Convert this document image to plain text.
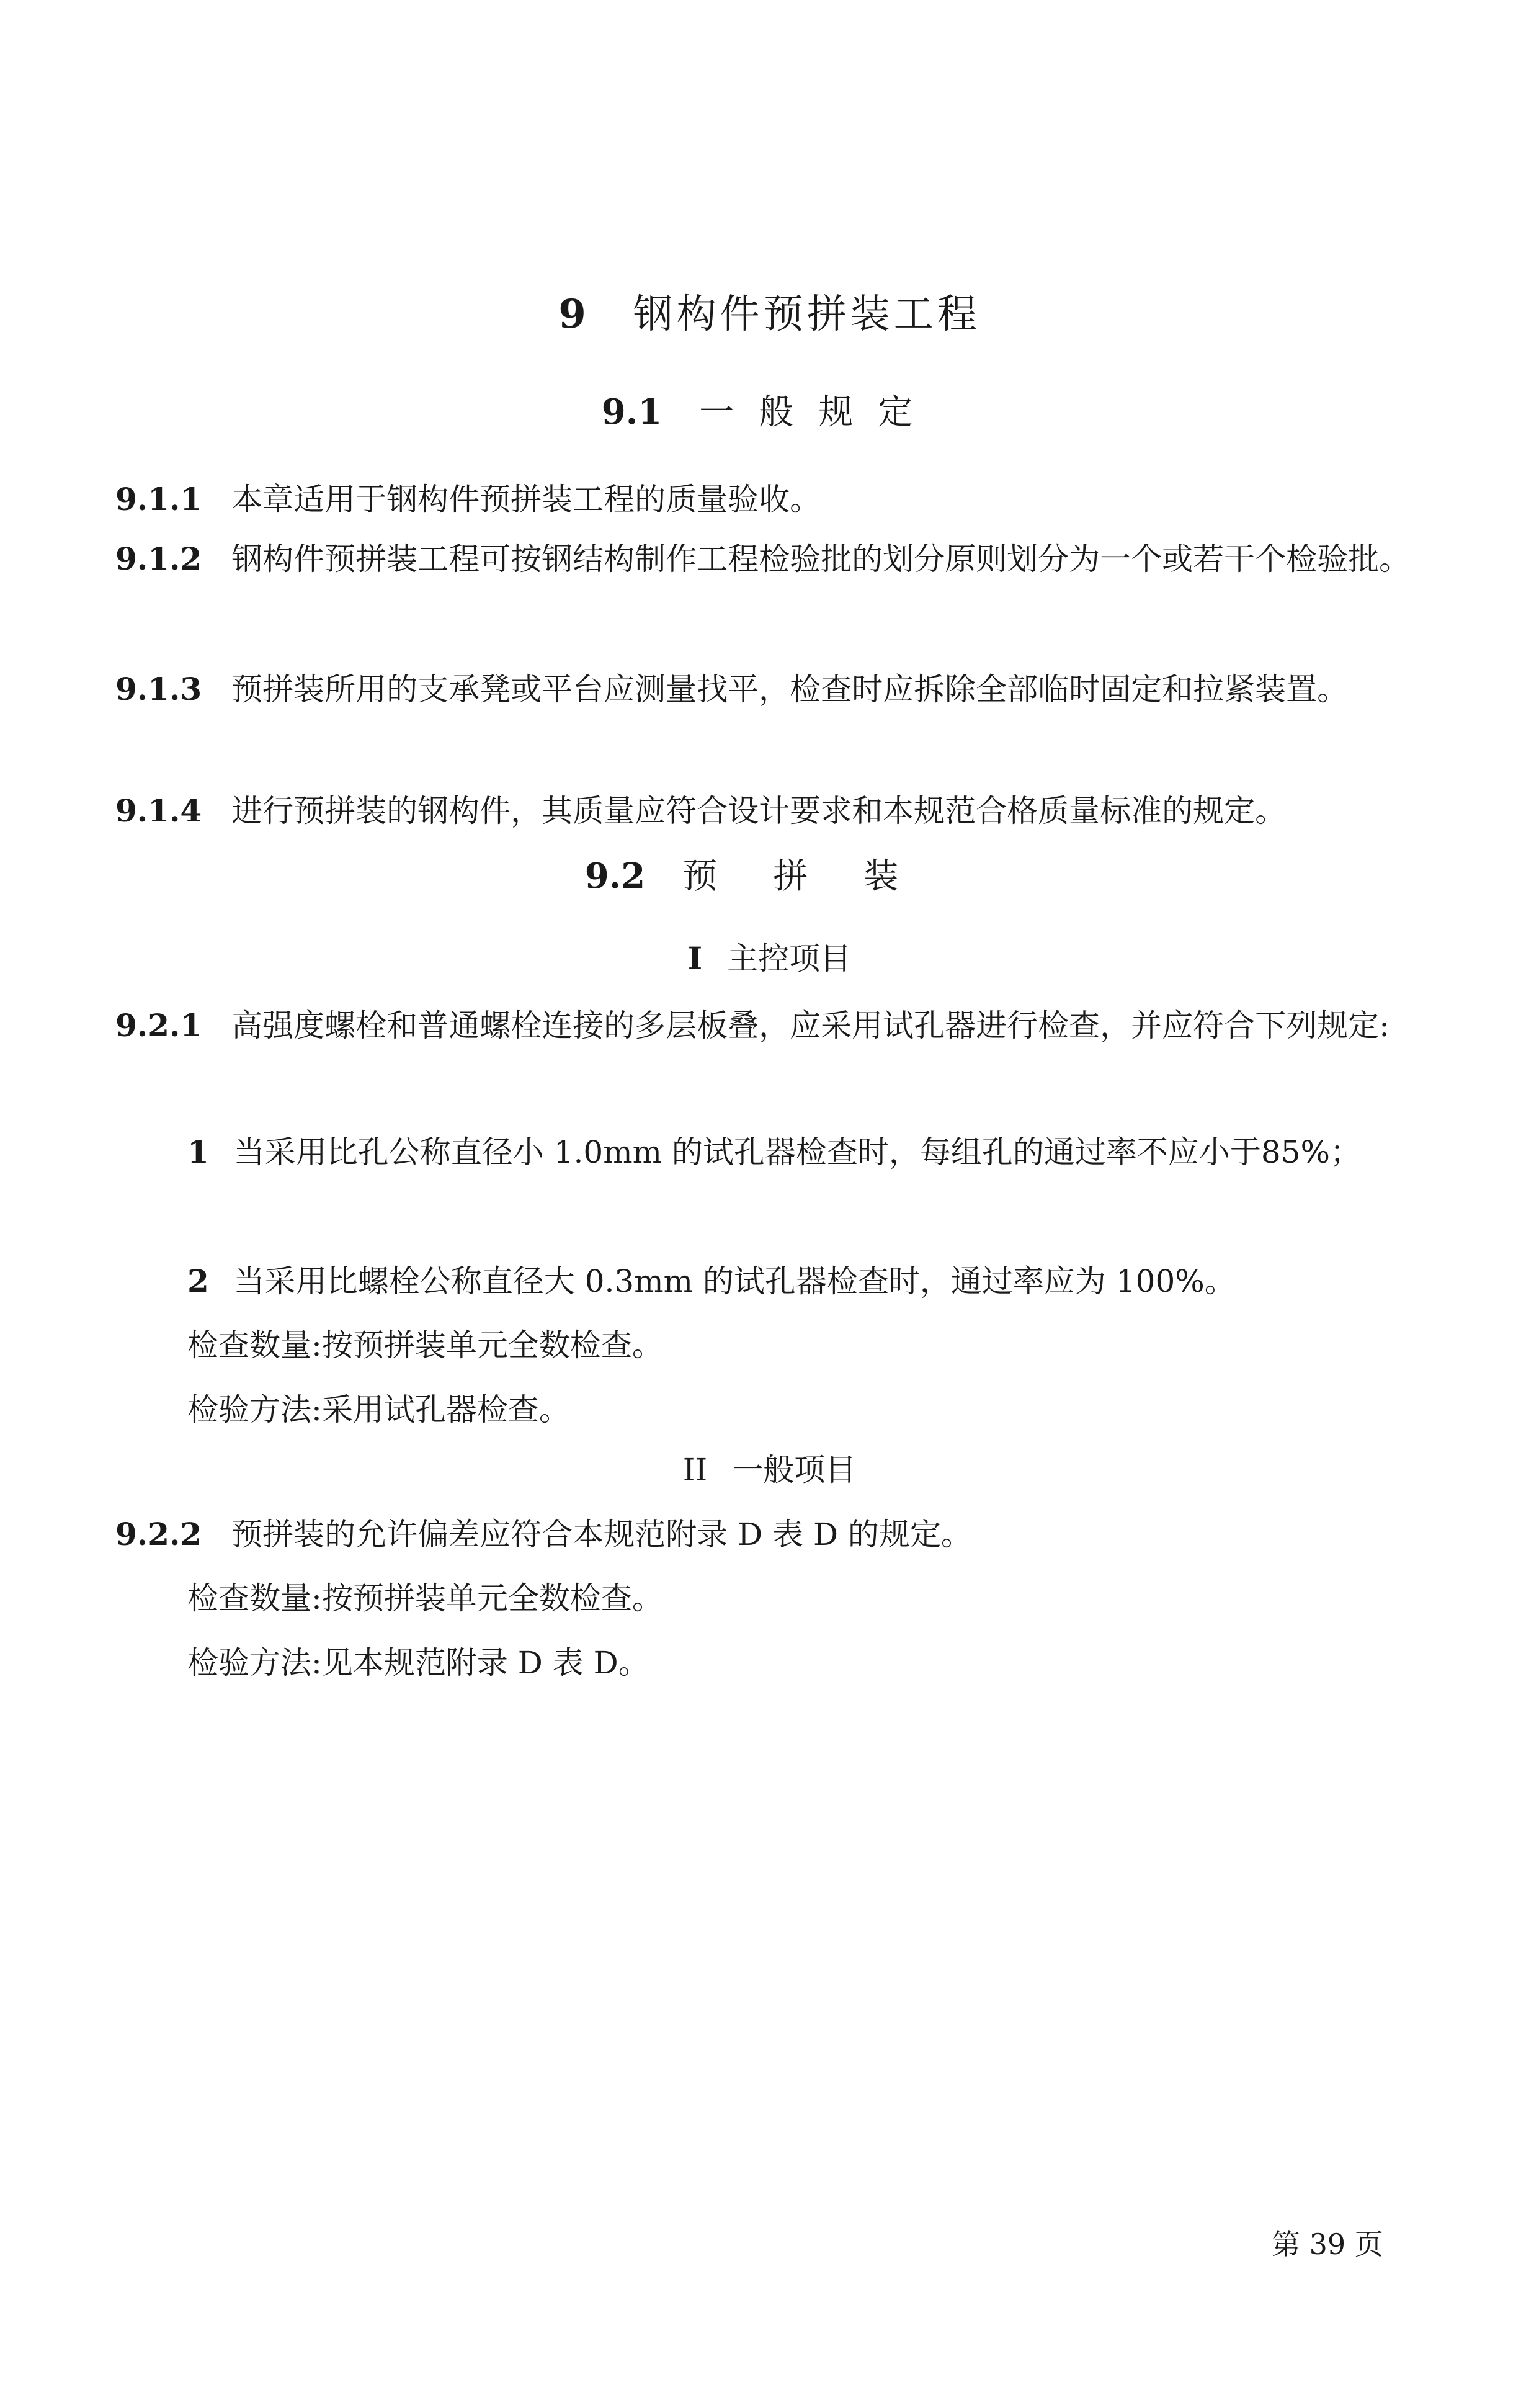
9 钢构件预拼装工程
9.1 一般规定
9.1.1 本章适用于钢构件预拼装工程的质量验收。
9.1.2 钢构件预拼装工程可按钢结构制作工程检验批的划分原则划分为一个或若干个检验批。
9.1.3 预拼装所用的支承凳或平台应测量找平，检查时应拆除全部临时固定和拉紧装置。
9.1.4 进行预拼装的钢构件，其质量应符合设计要求和本规范合格质量标准的规定。
9.2 预拼装
I 主控项目
9.2.1 高强度螺栓和普通螺栓连接的多层板叠，应采用试孔器进行检查，并应符合下列规定:
1 当采用比孔公称直径小 1.0mm 的试孔器检查时，每组孔的通过率不应小于85%；
2 当采用比螺栓公称直径大 0.3mm 的试孔器检查时，通过率应为 100%。
检查数量:按预拼装单元全数检查。
检验方法:采用试孔器检查。
II 一般项目
9.2.2 预拼装的允许偏差应符合本规范附录 D 表 D 的规定。
检查数量:按预拼装单元全数检查。
检验方法:见本规范附录 D 表 D。
第 39 页
